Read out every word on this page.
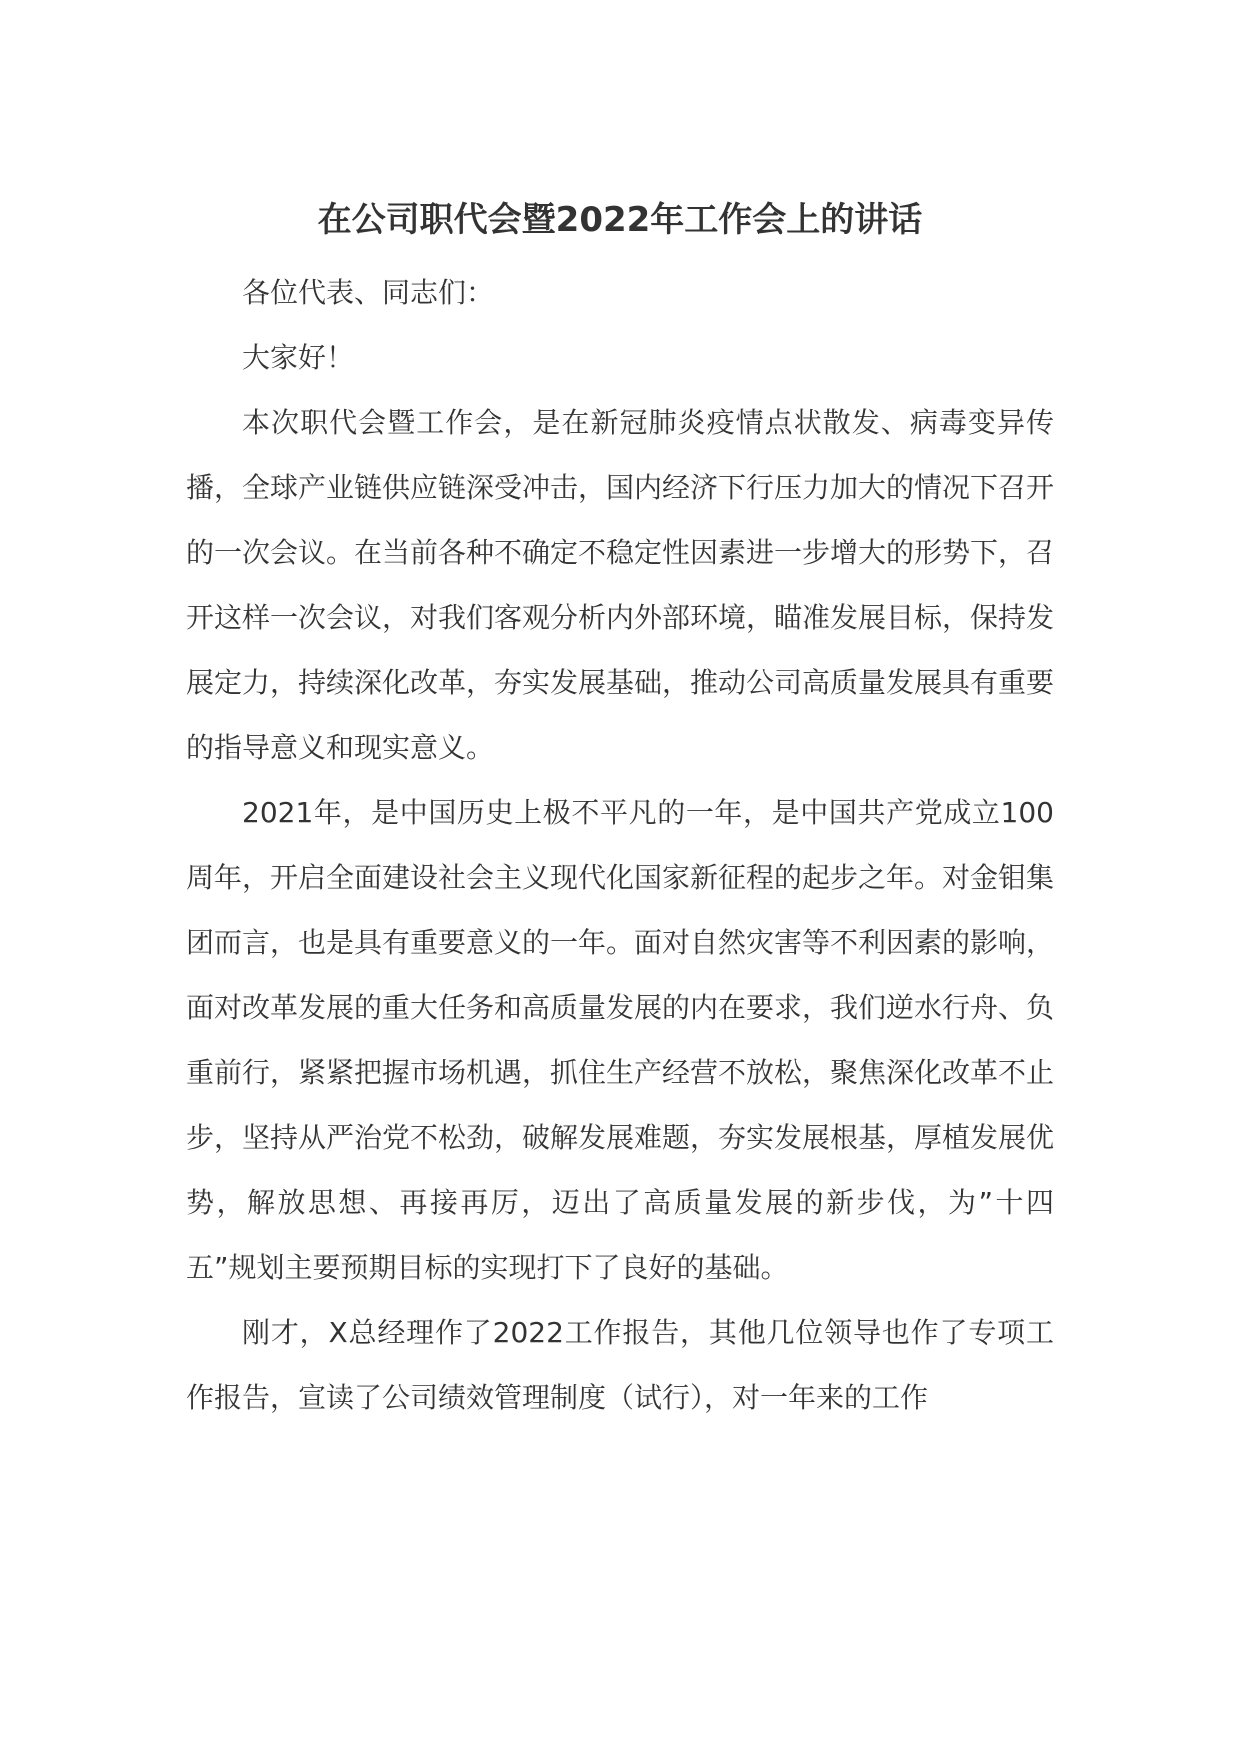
在公司职代会暨2022年工作会上的讲话

各位代表、同志们：

大家好！

本次职代会暨工作会，是在新冠肺炎疫情点状散发、病毒变异传播，全球产业链供应链深受冲击，国内经济下行压力加大的情况下召开的一次会议。在当前各种不确定不稳定性因素进一步增大的形势下，召开这样一次会议，对我们客观分析内外部环境，瞄准发展目标，保持发展定力，持续深化改革，夯实发展基础，推动公司高质量发展具有重要的指导意义和现实意义。

2021年，是中国历史上极不平凡的一年，是中国共产党成立100周年，开启全面建设社会主义现代化国家新征程的起步之年。对金钼集团而言，也是具有重要意义的一年。面对自然灾害等不利因素的影响，面对改革发展的重大任务和高质量发展的内在要求，我们逆水行舟、负重前行，紧紧把握市场机遇，抓住生产经营不放松，聚焦深化改革不止步，坚持从严治党不松劲，破解发展难题，夯实发展根基，厚植发展优势，解放思想、再接再厉，迈出了高质量发展的新步伐，为”十四五”规划主要预期目标的实现打下了良好的基础。

刚才，X总经理作了2022工作报告，其他几位领导也作了专项工作报告，宣读了公司绩效管理制度（试行），对一年来的工作
